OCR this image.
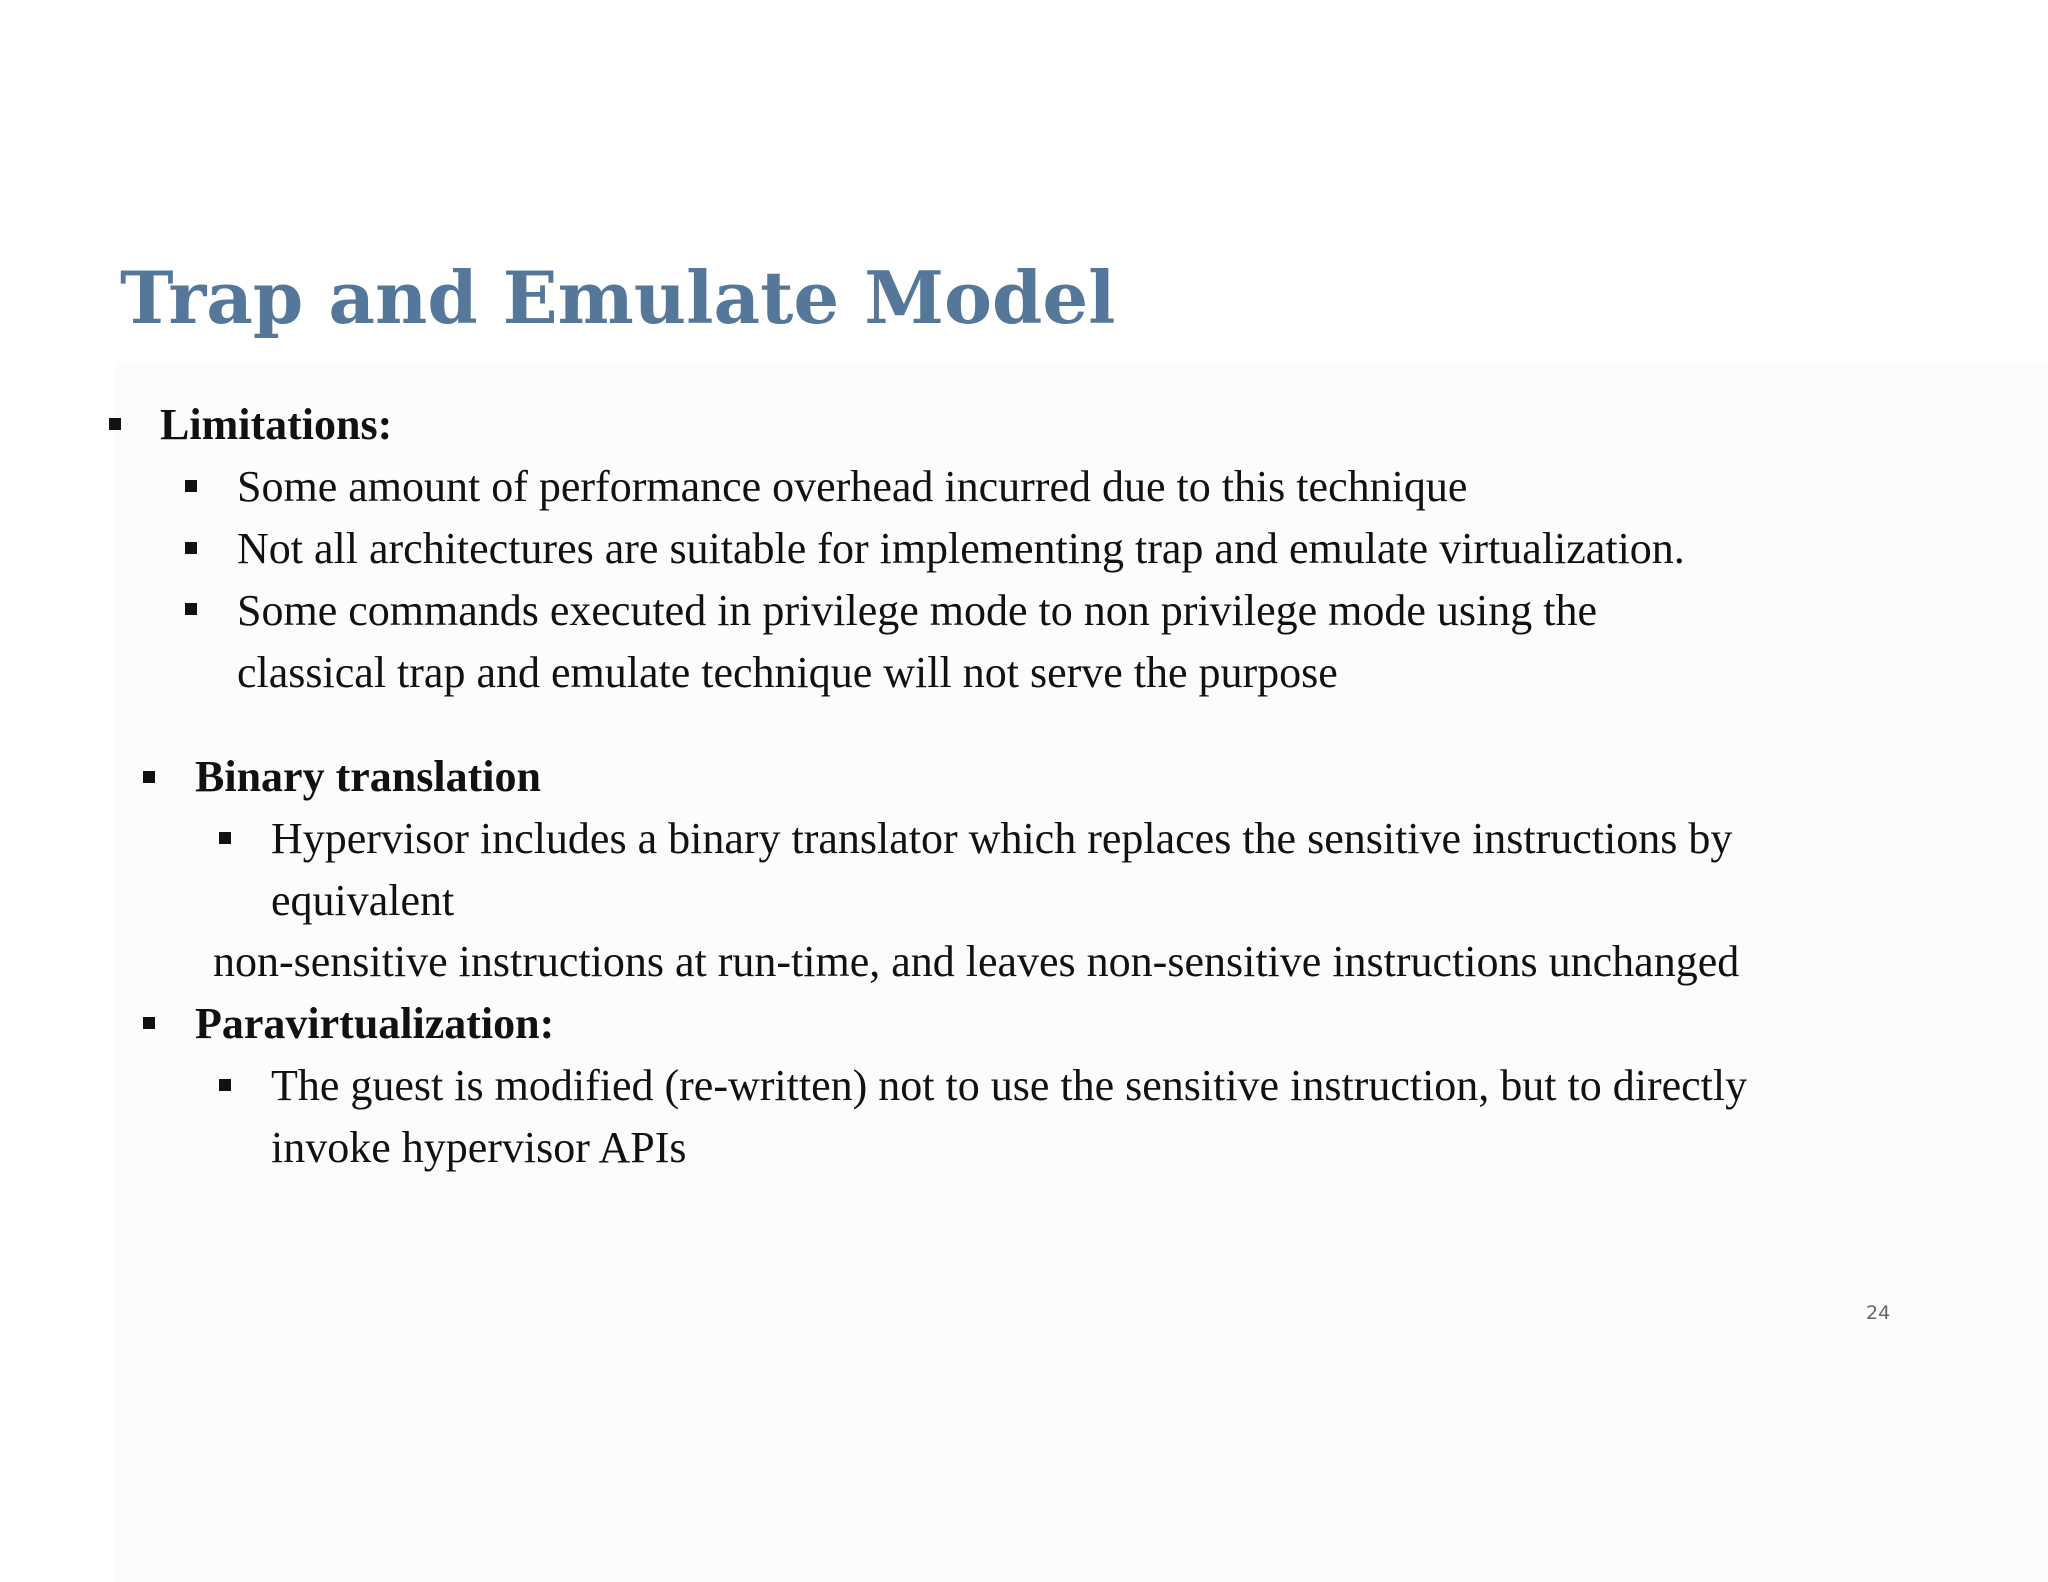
Trap and Emulate Model
Limitations:
Some amount of performance overhead incurred due to this technique
Not all architectures are suitable for implementing trap and emulate virtualization.
Some commands executed in privilege mode to non privilege mode using the
classical trap and emulate technique will not serve the purpose
Binary translation
Hypervisor includes a binary translator which replaces the sensitive instructions by
equivalent
non-sensitive instructions at run-time, and leaves non-sensitive instructions unchanged
Paravirtualization:
The guest is modified (re-written) not to use the sensitive instruction, but to directly
invoke hypervisor APIs
24
